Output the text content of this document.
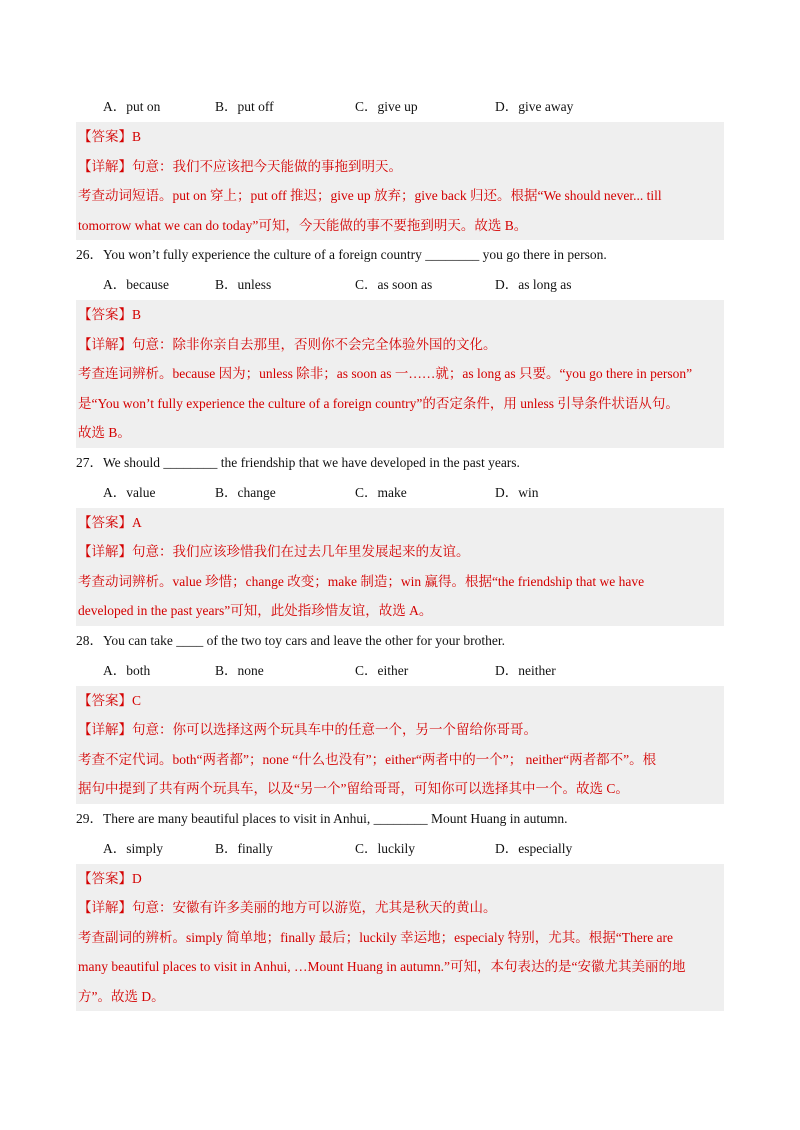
A．put on	B．put off	C．give up	D．give away
【答案】B
【详解】句意：我们不应该把今天能做的事拖到明天。
考查动词短语。put on 穿上；put off 推迟；give up 放弃；give back 归还。根据“We should never... till
tomorrow what we can do today”可知，今天能做的事不要拖到明天。故选 B。
26．You won’t fully experience the culture of a foreign country ________ you go there in person.
A．because	B．unless	C．as soon as	D．as long as
【答案】B
【详解】句意：除非你亲自去那里，否则你不会完全体验外国的文化。
考查连词辨析。because 因为；unless 除非；as soon as 一……就；as long as 只要。“you go there in person”
是“You won’t fully experience the culture of a foreign country”的否定条件，用 unless 引导条件状语从句。
故选 B。
27．We should ________ the friendship that we have developed in the past years.
A．value	B．change	C．make	D．win
【答案】A
【详解】句意：我们应该珍惜我们在过去几年里发展起来的友谊。
考查动词辨析。value 珍惜；change 改变；make 制造；win 赢得。根据“the friendship that we have
developed in the past years”可知，此处指珍惜友谊，故选 A。
28．You can take ____ of the two toy cars and leave the other for your brother.
A．both	B．none	C．either	D．neither
【答案】C
【详解】句意：你可以选择这两个玩具车中的任意一个，另一个留给你哥哥。
考查不定代词。both“两者都”；none “什么也没有”；either“两者中的一个”； neither“两者都不”。根
据句中提到了共有两个玩具车，以及“另一个”留给哥哥，可知你可以选择其中一个。故选 C。
29．There are many beautiful places to visit in Anhui, ________ Mount Huang in autumn.
A．simply	B．finally	C．luckily	D．especially
【答案】D
【详解】句意：安徽有许多美丽的地方可以游览，尤其是秋天的黄山。
考查副词的辨析。simply 简单地；finally 最后；luckily 幸运地；especialy 特别，尤其。根据“There are
many beautiful places to visit in Anhui, …Mount Huang in autumn.”可知，本句表达的是“安徽尤其美丽的地
方”。故选 D。
